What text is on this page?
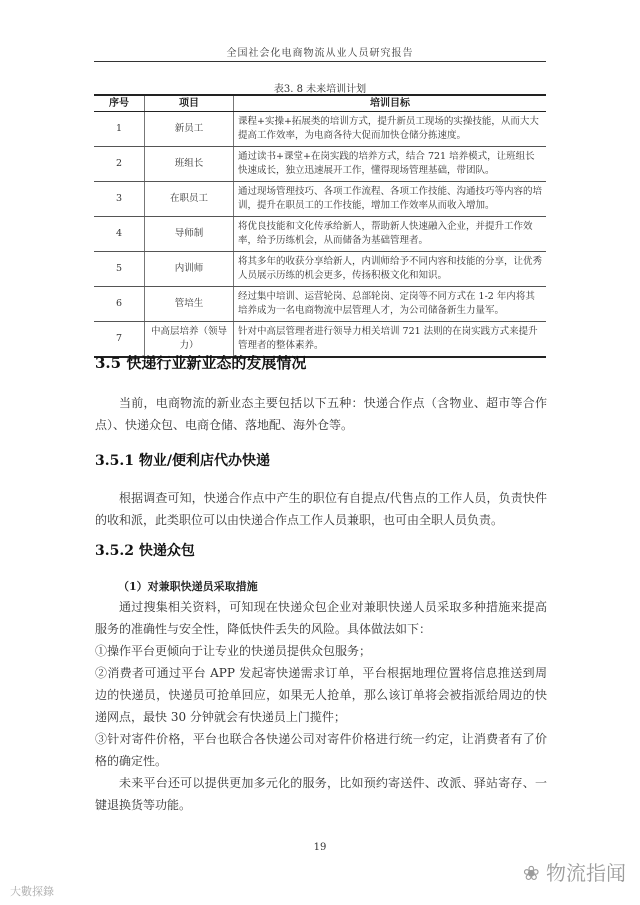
全国社会化电商物流从业人员研究报告
表3. 8 未来培训计划
序号	项目	培训目标
1	新员工	课程+实操+拓展类的培训方式，提升新员工现场的实操技能，从而大大提高工作效率，为电商各待大促而加快仓储分拣速度。
2	班组长	通过读书+课堂+在岗实践的培养方式，结合 721 培养模式，让班组长快速成长，独立迅速展开工作，懂得现场管理基础，带团队。
3	在职员工	通过现场管理技巧、各项工作流程、各项工作技能、沟通技巧等内容的培训，提升在职员工的工作技能，增加工作效率从而收入增加。
4	导师制	将优良技能和文化传承给新人，帮助新人快速融入企业，并提升工作效率，给予历练机会，从而储备为基础管理者。
5	内训师	将其多年的收获分享给新人，内训师给予不同内容和技能的分享，让优秀人员展示历练的机会更多，传扬积极文化和知识。
6	管培生	经过集中培训、运营轮岗、总部轮岗、定岗等不同方式在 1-2 年内将其培养成为一名电商物流中层管理人才，为公司储备新生力量军。
7	中高层培养（领导力）	针对中高层管理者进行领导力相关培训 721 法则的在岗实践方式来提升管理者的整体素养。
3.5 快递行业新业态的发展情况

当前，电商物流的新业态主要包括以下五种：快递合作点（含物业、超市等合作点）、快递众包、电商仓储、落地配、海外仓等。

3.5.1 物业/便利店代办快递

根据调查可知，快递合作点中产生的职位有自提点/代售点的工作人员，负责快件的收和派，此类职位可以由快递合作点工作人员兼职，也可由全职人员负责。

3.5.2 快递众包
（1）对兼职快递员采取措施

通过搜集相关资料，可知现在快递众包企业对兼职快递人员采取多种措施来提高服务的准确性与安全性，降低快件丢失的风险。具体做法如下：

①操作平台更倾向于让专业的快递员提供众包服务；

②消费者可通过平台 APP 发起寄快递需求订单，平台根据地理位置将信息推送到周边的快递员，快递员可抢单回应，如果无人抢单，那么该订单将会被指派给周边的快递网点，最快 30 分钟就会有快递员上门揽件；

③针对寄件价格，平台也联合各快递公司对寄件价格进行统一约定，让消费者有了价格的确定性。

未来平台还可以提供更加多元化的服务，比如预约寄送件、改派、驿站寄存、一键退换货等功能。

19
❀ 物流指闻
大數探錄
